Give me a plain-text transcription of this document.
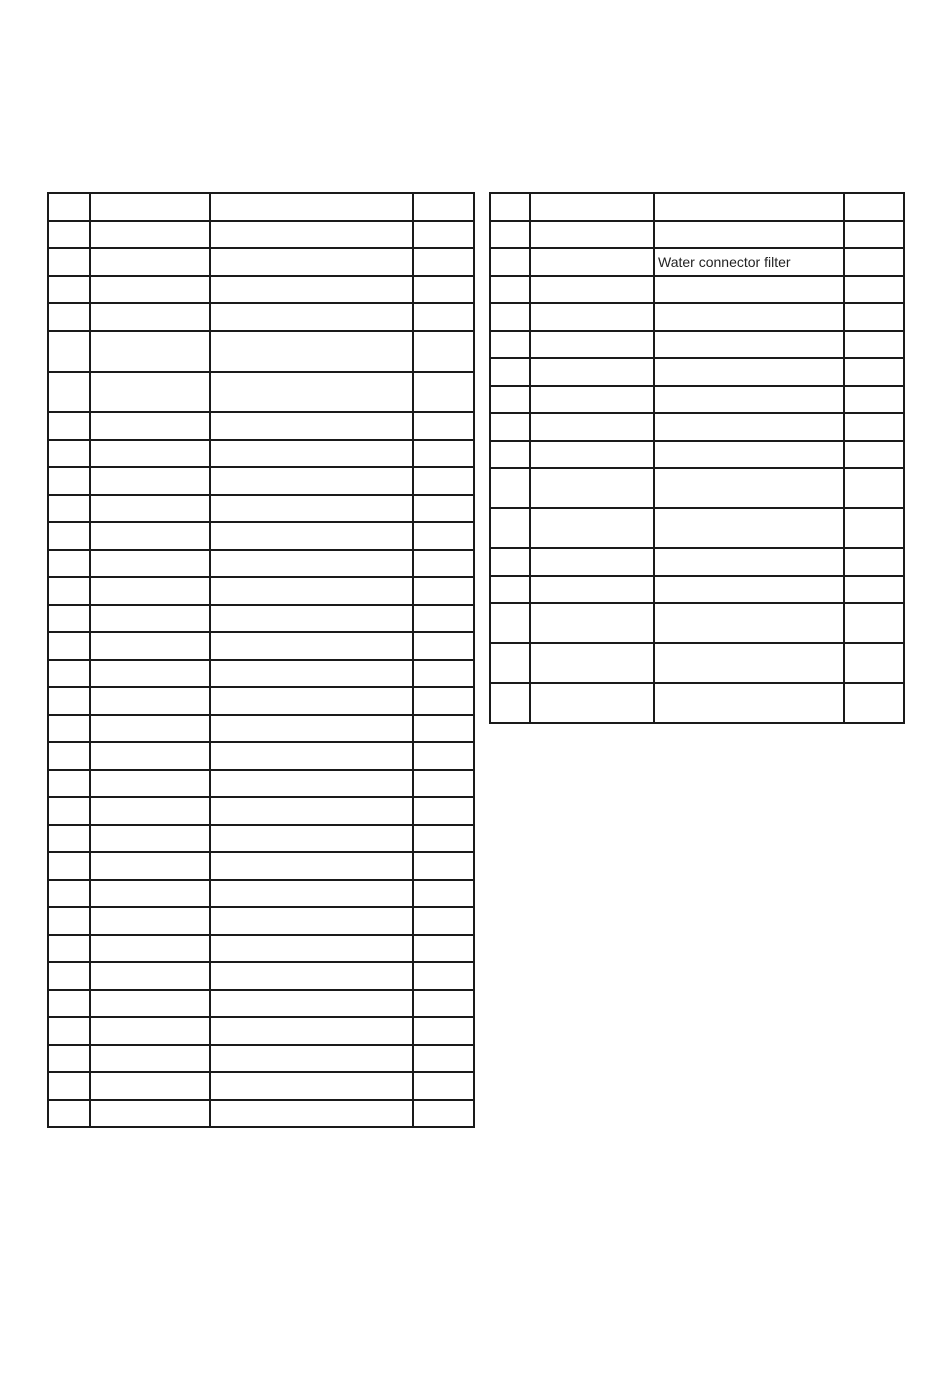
		Water connector filter	
